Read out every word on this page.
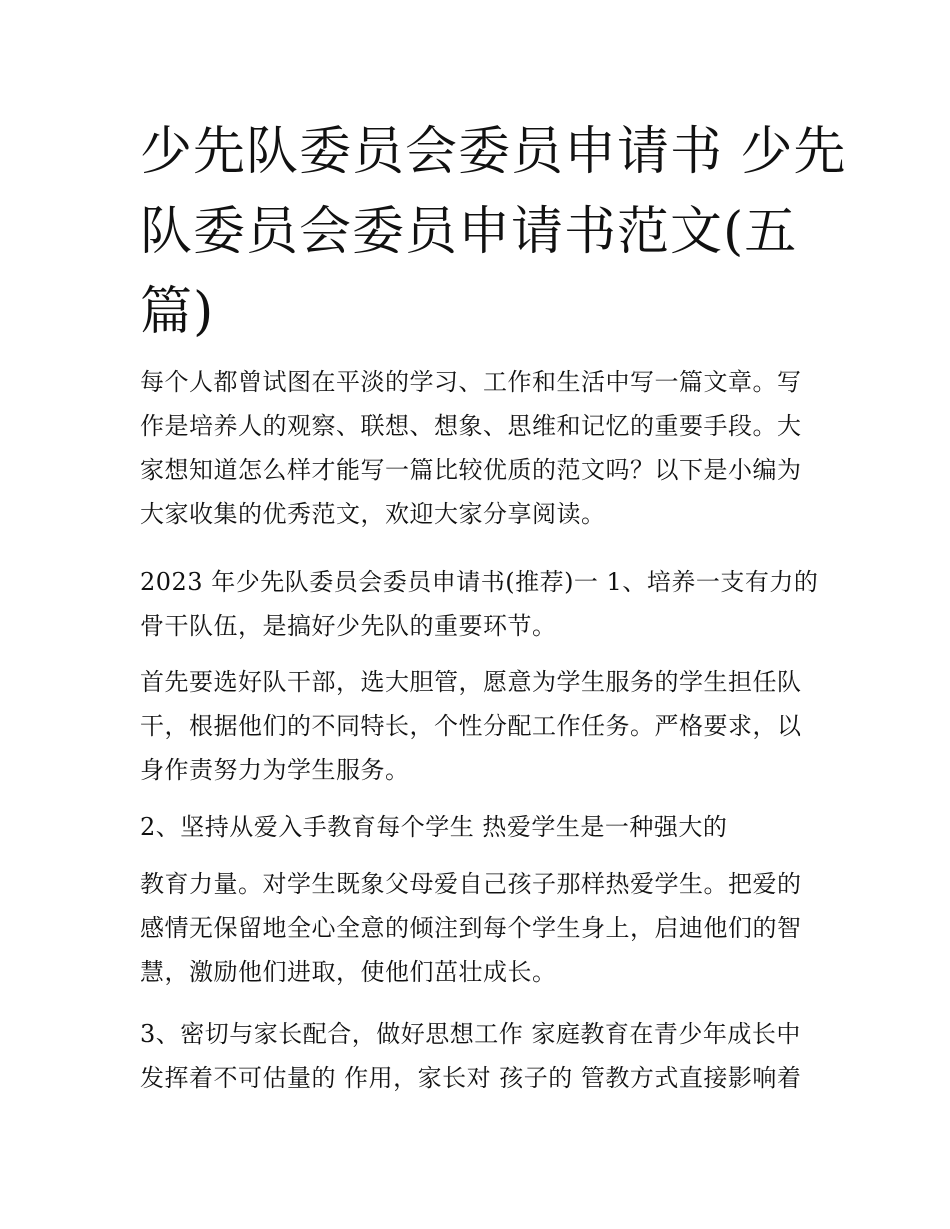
少先队委员会委员申请书 少先
队委员会委员申请书范文(五
篇)
每个人都曾试图在平淡的学习、工作和生活中写一篇文章。写
作是培养人的观察、联想、想象、思维和记忆的重要手段。大
家想知道怎么样才能写一篇比较优质的范文吗？以下是小编为
大家收集的优秀范文，欢迎大家分享阅读。
2023 年少先队委员会委员申请书(推荐)一 1、培养一支有力的
骨干队伍，是搞好少先队的重要环节。
首先要选好队干部，选大胆管，愿意为学生服务的学生担任队
干，根据他们的不同特长，个性分配工作任务。严格要求，以
身作责努力为学生服务。
2、坚持从爱入手教育每个学生 热爱学生是一种强大的
教育力量。对学生既象父母爱自己孩子那样热爱学生。把爱的
感情无保留地全心全意的倾注到每个学生身上，启迪他们的智
慧，激励他们进取，使他们茁壮成长。
3、密切与家长配合，做好思想工作 家庭教育在青少年成长中
发挥着不可估量的 作用，家长对 孩子的 管教方式直接影响着
